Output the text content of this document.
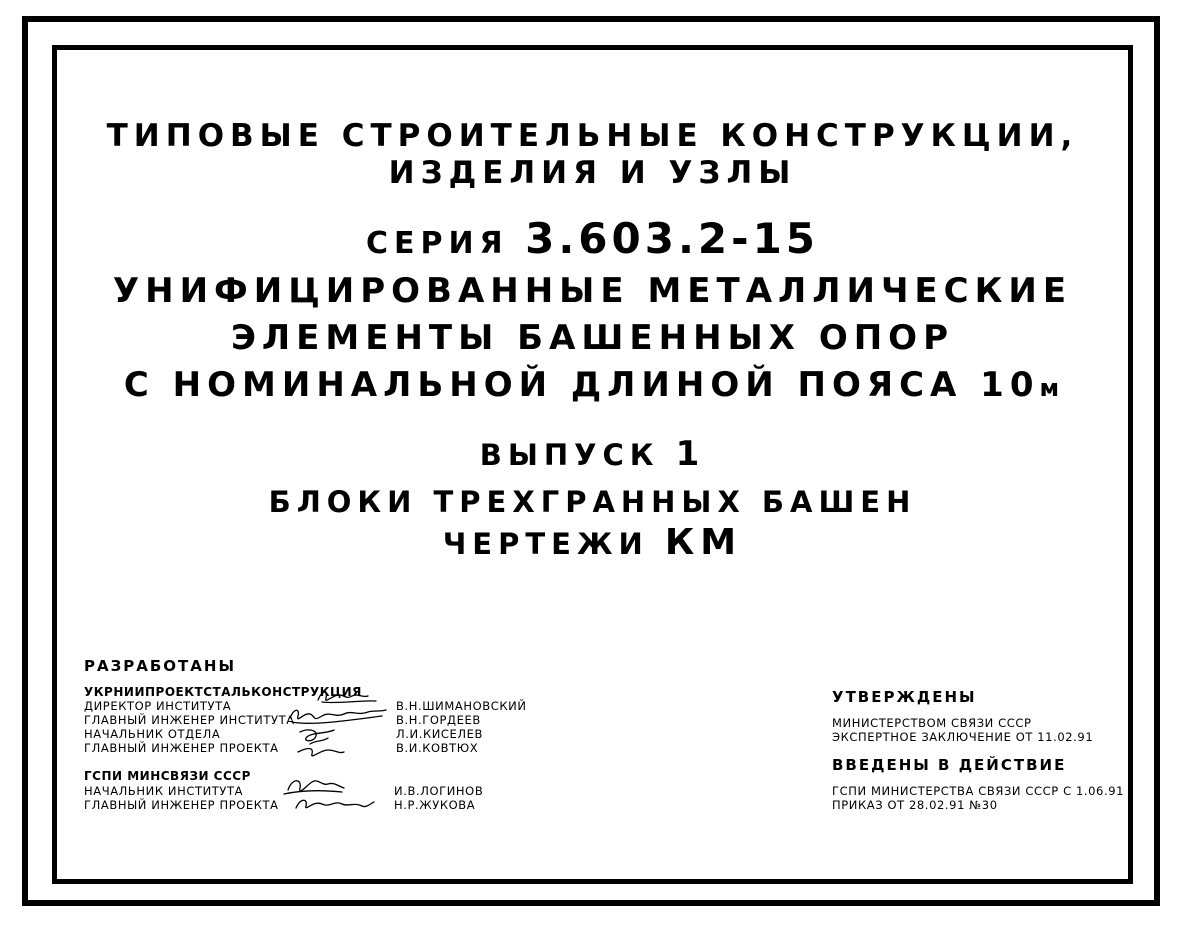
ТИПОВЫЕ СТРОИТЕЛЬНЫЕ КОНСТРУКЦИИ,
ИЗДЕЛИЯ И УЗЛЫ
СЕРИЯ 3.603.2-15
УНИФИЦИРОВАННЫЕ МЕТАЛЛИЧЕСКИЕ
ЭЛЕМЕНТЫ БАШЕННЫХ ОПОР
С НОМИНАЛЬНОЙ ДЛИНОЙ ПОЯСА 10м
ВЫПУСК 1
БЛОКИ ТРЕХГРАННЫХ БАШЕН
ЧЕРТЕЖИ КМ
РАЗРАБОТАНЫ
УКРНИИПРОЕКТСТАЛЬКОНСТРУКЦИЯ
ДИРЕКТОР ИНСТИТУТА
ГЛАВНЫЙ ИНЖЕНЕР ИНСТИТУТА
НАЧАЛЬНИК ОТДЕЛА
ГЛАВНЫЙ ИНЖЕНЕР ПРОЕКТА
В.Н.ШИМАНОВСКИЙ
В.Н.ГОРДЕЕВ
Л.И.КИСЕЛЕВ
В.И.КОВТЮХ
ГСПИ МИНСВЯЗИ СССР
НАЧАЛЬНИК ИНСТИТУТА
ГЛАВНЫЙ ИНЖЕНЕР ПРОЕКТА
И.В.ЛОГИНОВ
Н.Р.ЖУКОВА
УТВЕРЖДЕНЫ
МИНИСТЕРСТВОМ СВЯЗИ СССР
ЭКСПЕРТНОЕ ЗАКЛЮЧЕНИЕ ОТ 11.02.91
ВВЕДЕНЫ В ДЕЙСТВИЕ
ГСПИ МИНИСТЕРСТВА СВЯЗИ СССР С 1.06.91
ПРИКАЗ ОТ 28.02.91 №30
